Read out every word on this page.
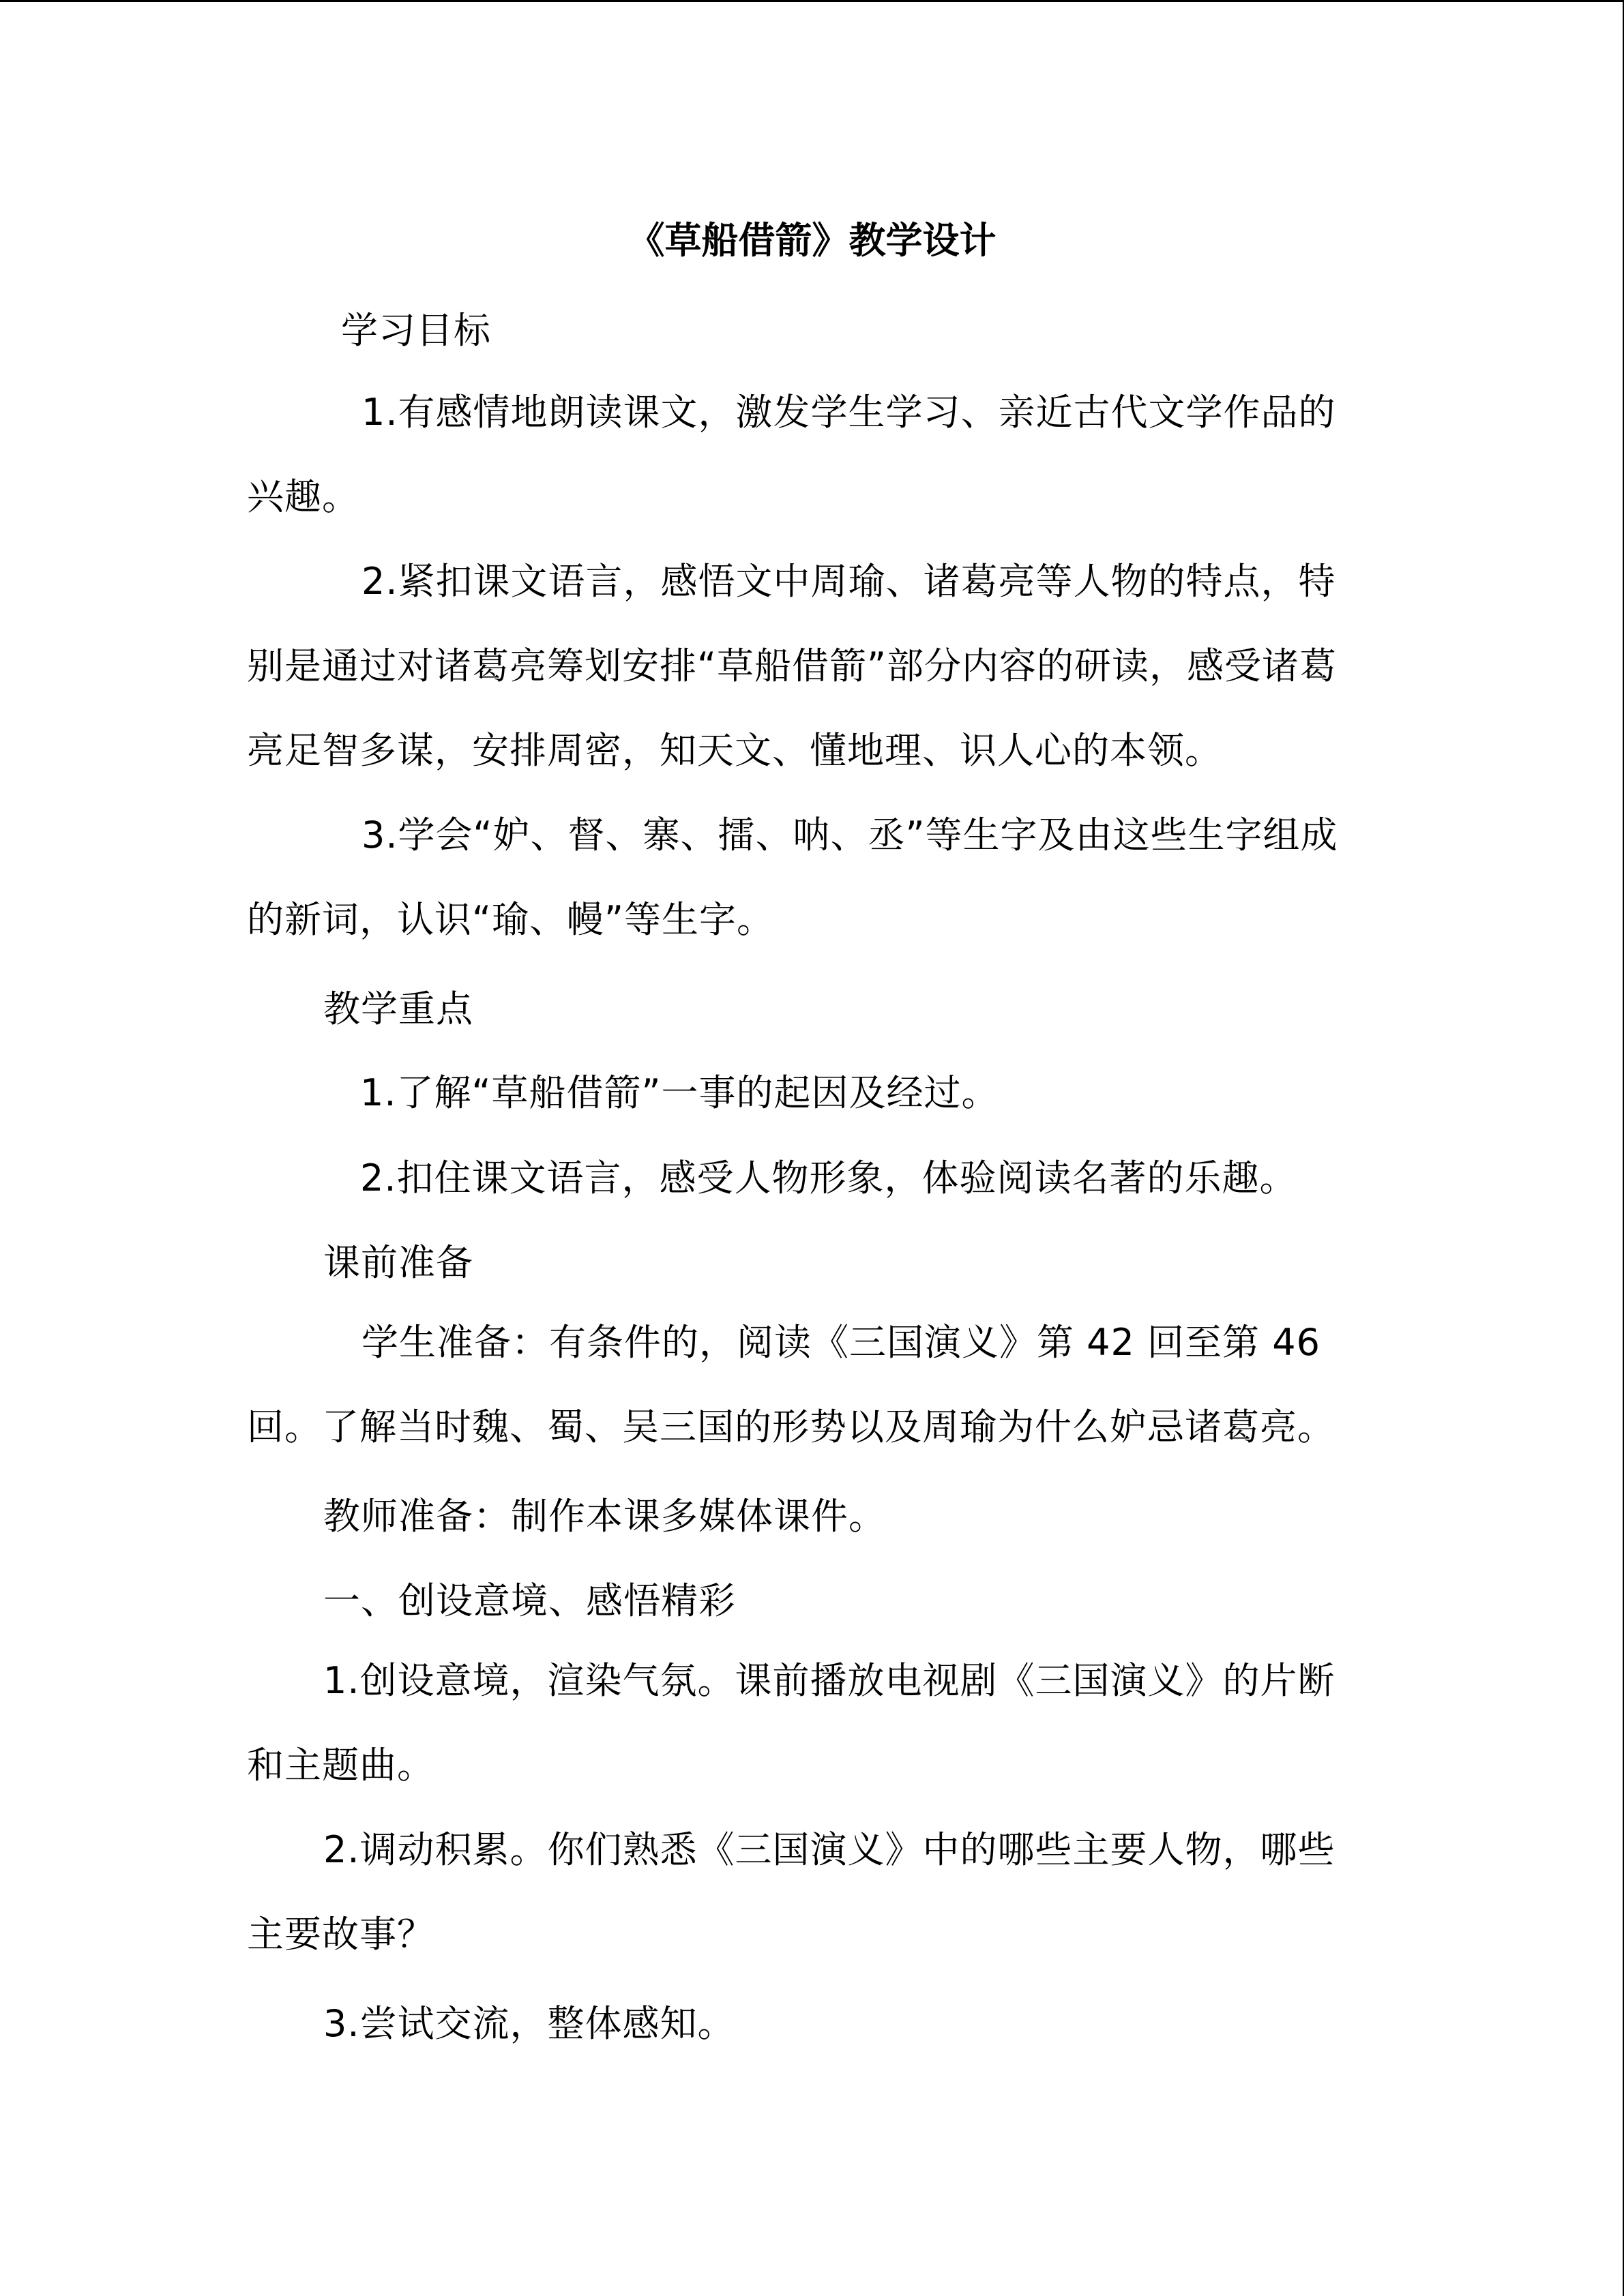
《草船借箭》教学设计
学习目标
1.有感情地朗读课文，激发学生学习、亲近古代文学作品的兴趣。
2.紧扣课文语言，感悟文中周瑜、诸葛亮等人物的特点，特别是通过对诸葛亮筹划安排“草船借箭”部分内容的研读，感受诸葛亮足智多谋，安排周密，知天文、懂地理、识人心的本领。
3.学会“妒、督、寨、擂、呐、丞”等生字及由这些生字组成的新词，认识“瑜、幔”等生字。
教学重点
1.了解“草船借箭”一事的起因及经过。
2.扣住课文语言，感受人物形象，体验阅读名著的乐趣。
课前准备
学生准备：有条件的，阅读《三国演义》第 42 回至第 46 回。了解当时魏、蜀、吴三国的形势以及周瑜为什么妒忌诸葛亮。
教师准备：制作本课多媒体课件。
一、创设意境、感悟精彩
1.创设意境，渲染气氛。课前播放电视剧《三国演义》的片断和主题曲。
2.调动积累。你们熟悉《三国演义》中的哪些主要人物，哪些主要故事？
3.尝试交流，整体感知。
